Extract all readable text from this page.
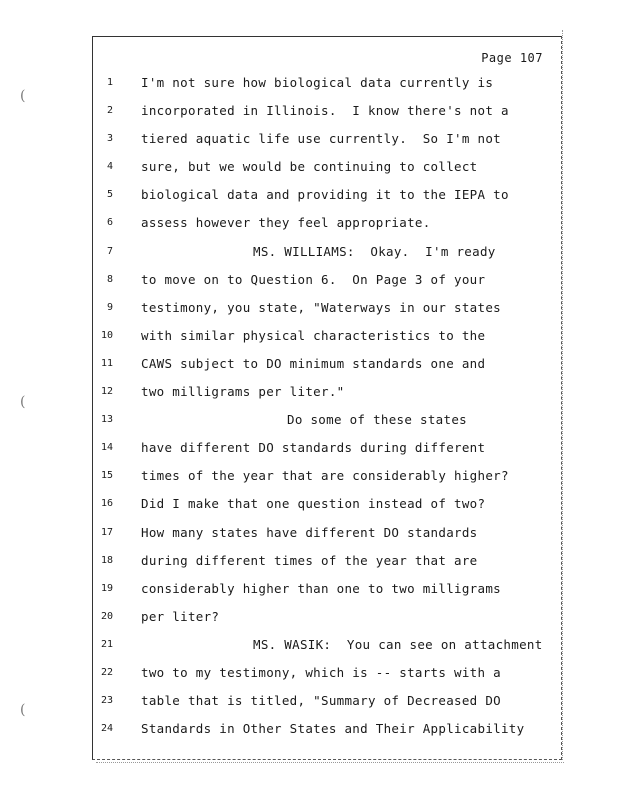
Page 107
1 I'm not sure how biological data currently is
2 incorporated in Illinois.  I know there's not a
3 tiered aquatic life use currently.  So I'm not
4 sure, but we would be continuing to collect
5 biological data and providing it to the IEPA to
6 assess however they feel appropriate.
7	MS. WILLIAMS:  Okay.  I'm ready
8 to move on to Question 6.  On Page 3 of your
9 testimony, you state, "Waterways in our states
10 with similar physical characteristics to the
11 CAWS subject to DO minimum standards one and
12 two milligrams per liter."
13	Do some of these states
14 have different DO standards during different
15 times of the year that are considerably higher?
16 Did I make that one question instead of two?
17 How many states have different DO standards
18 during different times of the year that are
19 considerably higher than one to two milligrams
20 per liter?
21	MS. WASIK:  You can see on attachment
22 two to my testimony, which is -- starts with a
23 table that is titled, "Summary of Decreased DO
24 Standards in Other States and Their Applicability
(
(
(
